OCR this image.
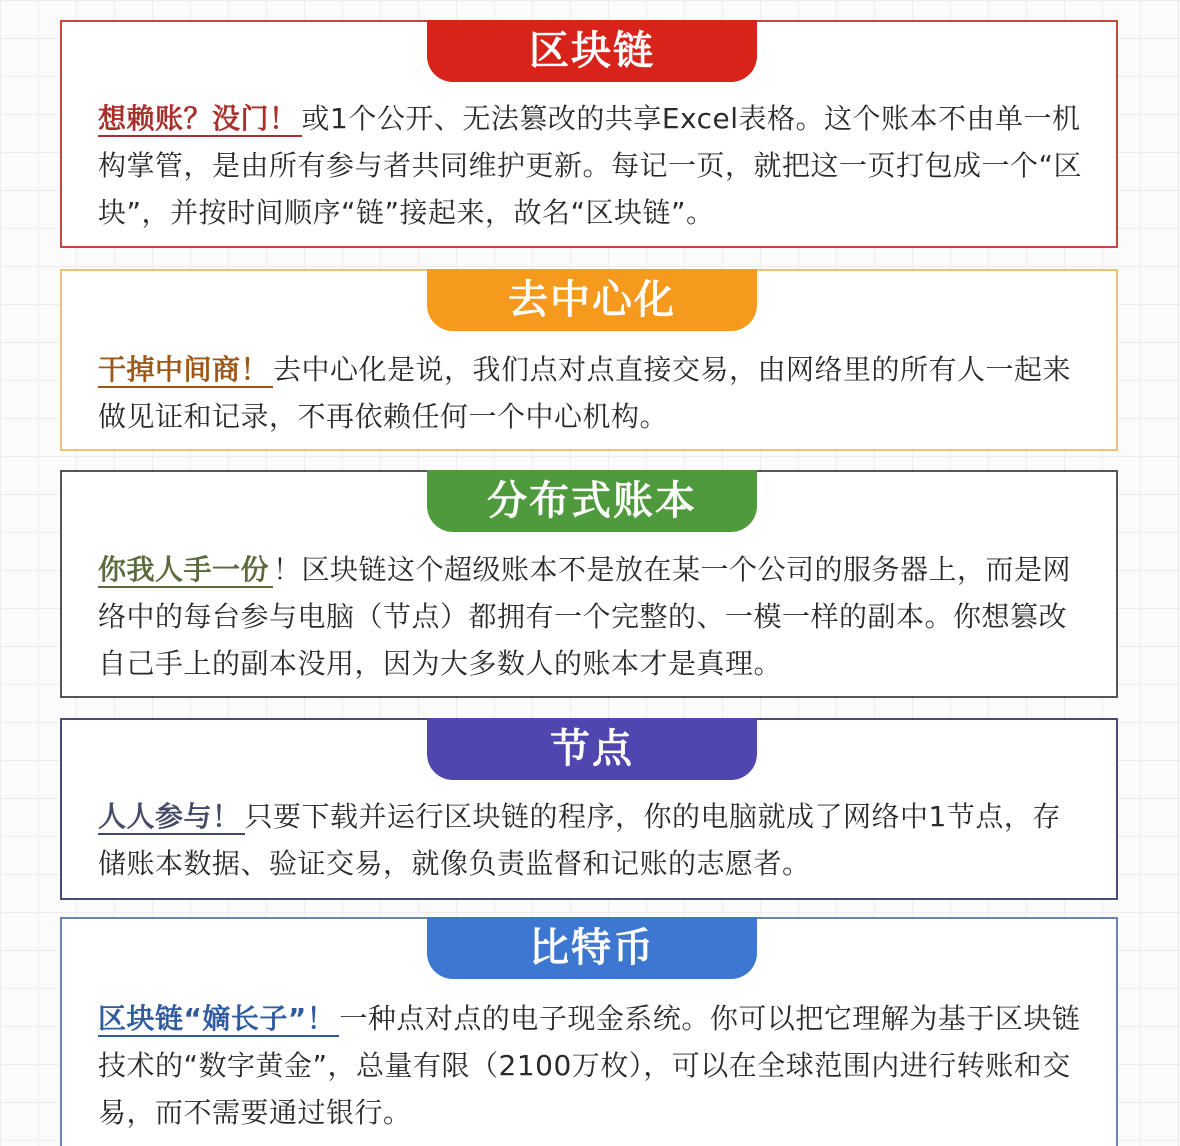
区块链
想赖账？没门！ 或1个公开、无法篡改的共享Excel表格。这个账本不由单一机构掌管，是由所有参与者共同维护更新。每记一页，就把这一页打包成一个“区块”，并按时间顺序“链”接起来，故名“区块链”。
去中心化
干掉中间商！ 去中心化是说，我们点对点直接交易，由网络里的所有人一起来做见证和记录，不再依赖任何一个中心机构。
分布式账本
你我人手一份 ！区块链这个超级账本不是放在某一个公司的服务器上，而是网络中的每台参与电脑（节点）都拥有一个完整的、一模一样的副本。你想篡改自己手上的副本没用，因为大多数人的账本才是真理。
节点
人人参与！ 只要下载并运行区块链的程序，你的电脑就成了网络中1节点，存储账本数据、验证交易，就像负责监督和记账的志愿者。
比特币
区块链“嫡长子”！ 一种点对点的电子现金系统。你可以把它理解为基于区块链技术的“数字黄金”，总量有限（2100万枚），可以在全球范围内进行转账和交易，而不需要通过银行。
